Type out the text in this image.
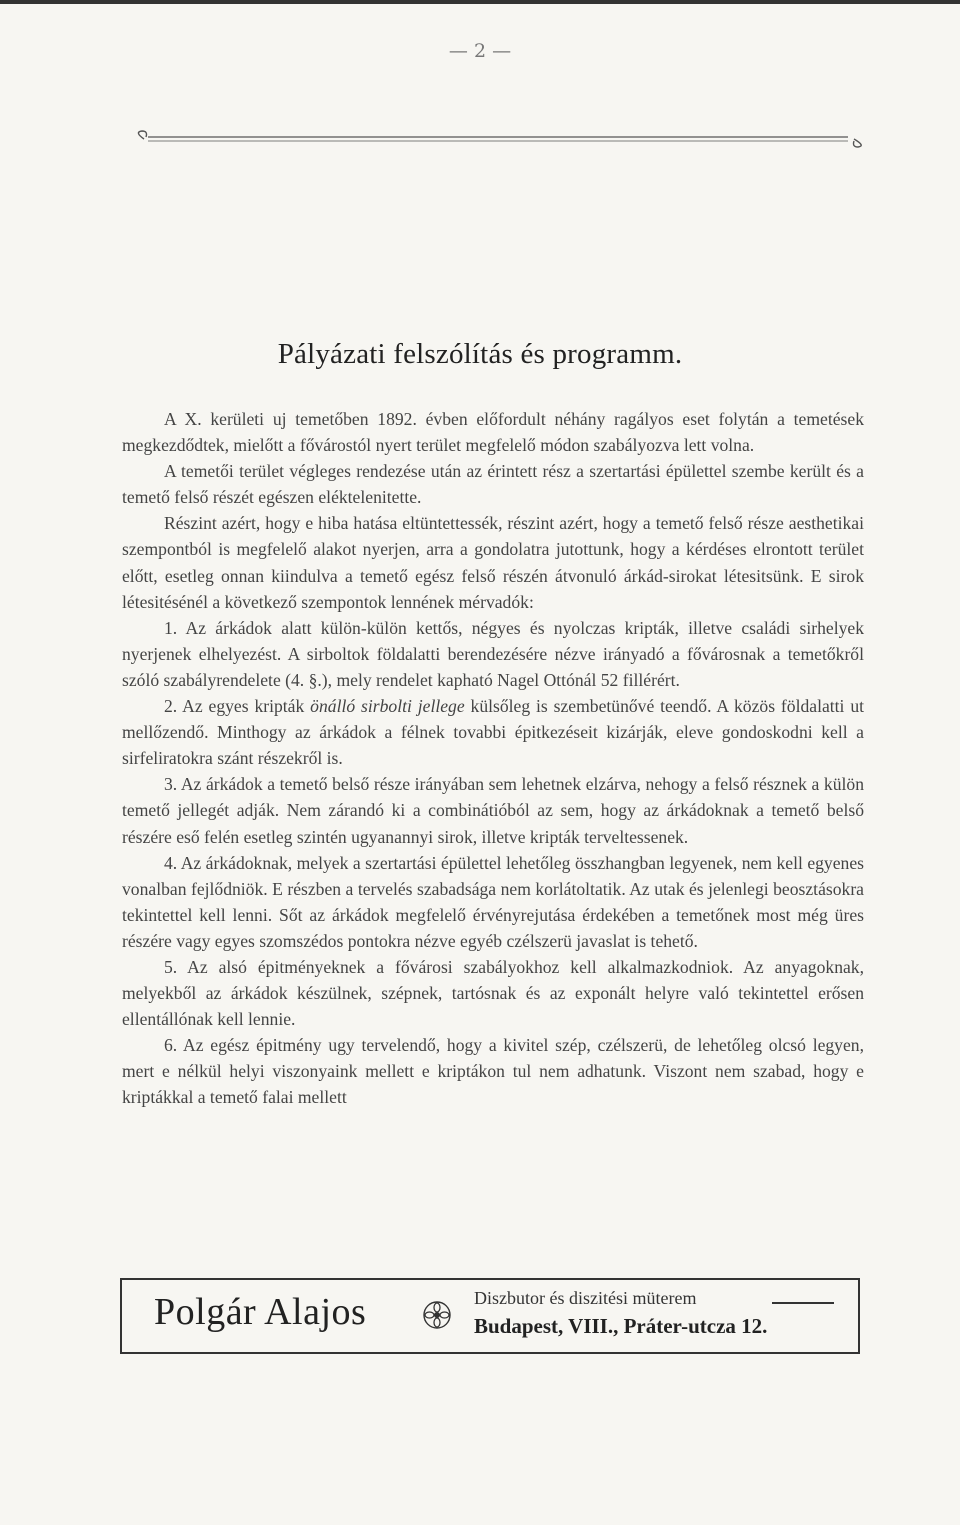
— 2 —
Pályázati felszólítás és programm.

A X. kerületi uj temetőben 1892. évben előfordult néhány ragályos eset folytán a temetések megkezdődtek, mielőtt a fővárostól nyert terület megfelelő módon szabályozva lett volna.

A temetői terület végleges rendezése után az érintett rész a szertartási épülettel szembe került és a temető felső részét egészen eléktelenitette.

Részint azért, hogy e hiba hatása eltüntettessék, részint azért, hogy a temető felső része aesthetikai szempontból is megfelelő alakot nyerjen, arra a gondolatra jutottunk, hogy a kérdéses elrontott terület előtt, esetleg onnan kiindulva a temető egész felső részén átvonuló árkád-sirokat létesitsünk. E sirok létesitésénél a következő szempontok lennének mérvadók:

1. Az árkádok alatt külön-külön kettős, négyes és nyolczas kripták, illetve családi sirhelyek nyerjenek elhelyezést. A sirboltok földalatti berendezésére nézve irányadó a fővárosnak a temetőkről szóló szabályrendelete (4. §.), mely rendelet kapható Nagel Ottónál 52 fillérért.

2. Az egyes kripták önálló sirbolti jellege külsőleg is szembetünővé teendő. A közös földalatti ut mellőzendő. Minthogy az árkádok a félnek tovabbi épitkezéseit kizárják, eleve gondoskodni kell a sirfeliratokra szánt részekről is.

3. Az árkádok a temető belső része irányában sem lehetnek elzárva, nehogy a felső résznek a külön temető jellegét adják. Nem zárandó ki a combinátióból az sem, hogy az árkádoknak a temető belső részére eső felén esetleg szintén ugyanannyi sirok, illetve kripták terveltessenek.

4. Az árkádoknak, melyek a szertartási épülettel lehetőleg összhangban legyenek, nem kell egyenes vonalban fejlődniök. E részben a tervelés szabadsága nem korlátoltatik. Az utak és jelenlegi beosztásokra tekintettel kell lenni. Sőt az árkádok megfelelő érvényrejutása érdekében a temetőnek most még üres részére vagy egyes szomszédos pontokra nézve egyéb czélszerü javaslat is tehető.

5. Az alsó épitményeknek a fővárosi szabályokhoz kell alkalmazkodniok. Az anyagoknak, melyekből az árkádok készülnek, szépnek, tartósnak és az exponált helyre való tekintettel erősen ellentállónak kell lennie.

6. Az egész épitmény ugy tervelendő, hogy a kivitel szép, czélszerü, de lehetőleg olcsó legyen, mert e nélkül helyi viszonyaink mellett e kriptákon tul nem adhatunk. Viszont nem szabad, hogy e kriptákkal a temető falai mellett

Polgár Alajos	Diszbutor és diszitési müterem
Budapest, VIII., Práter-utcza 12.
